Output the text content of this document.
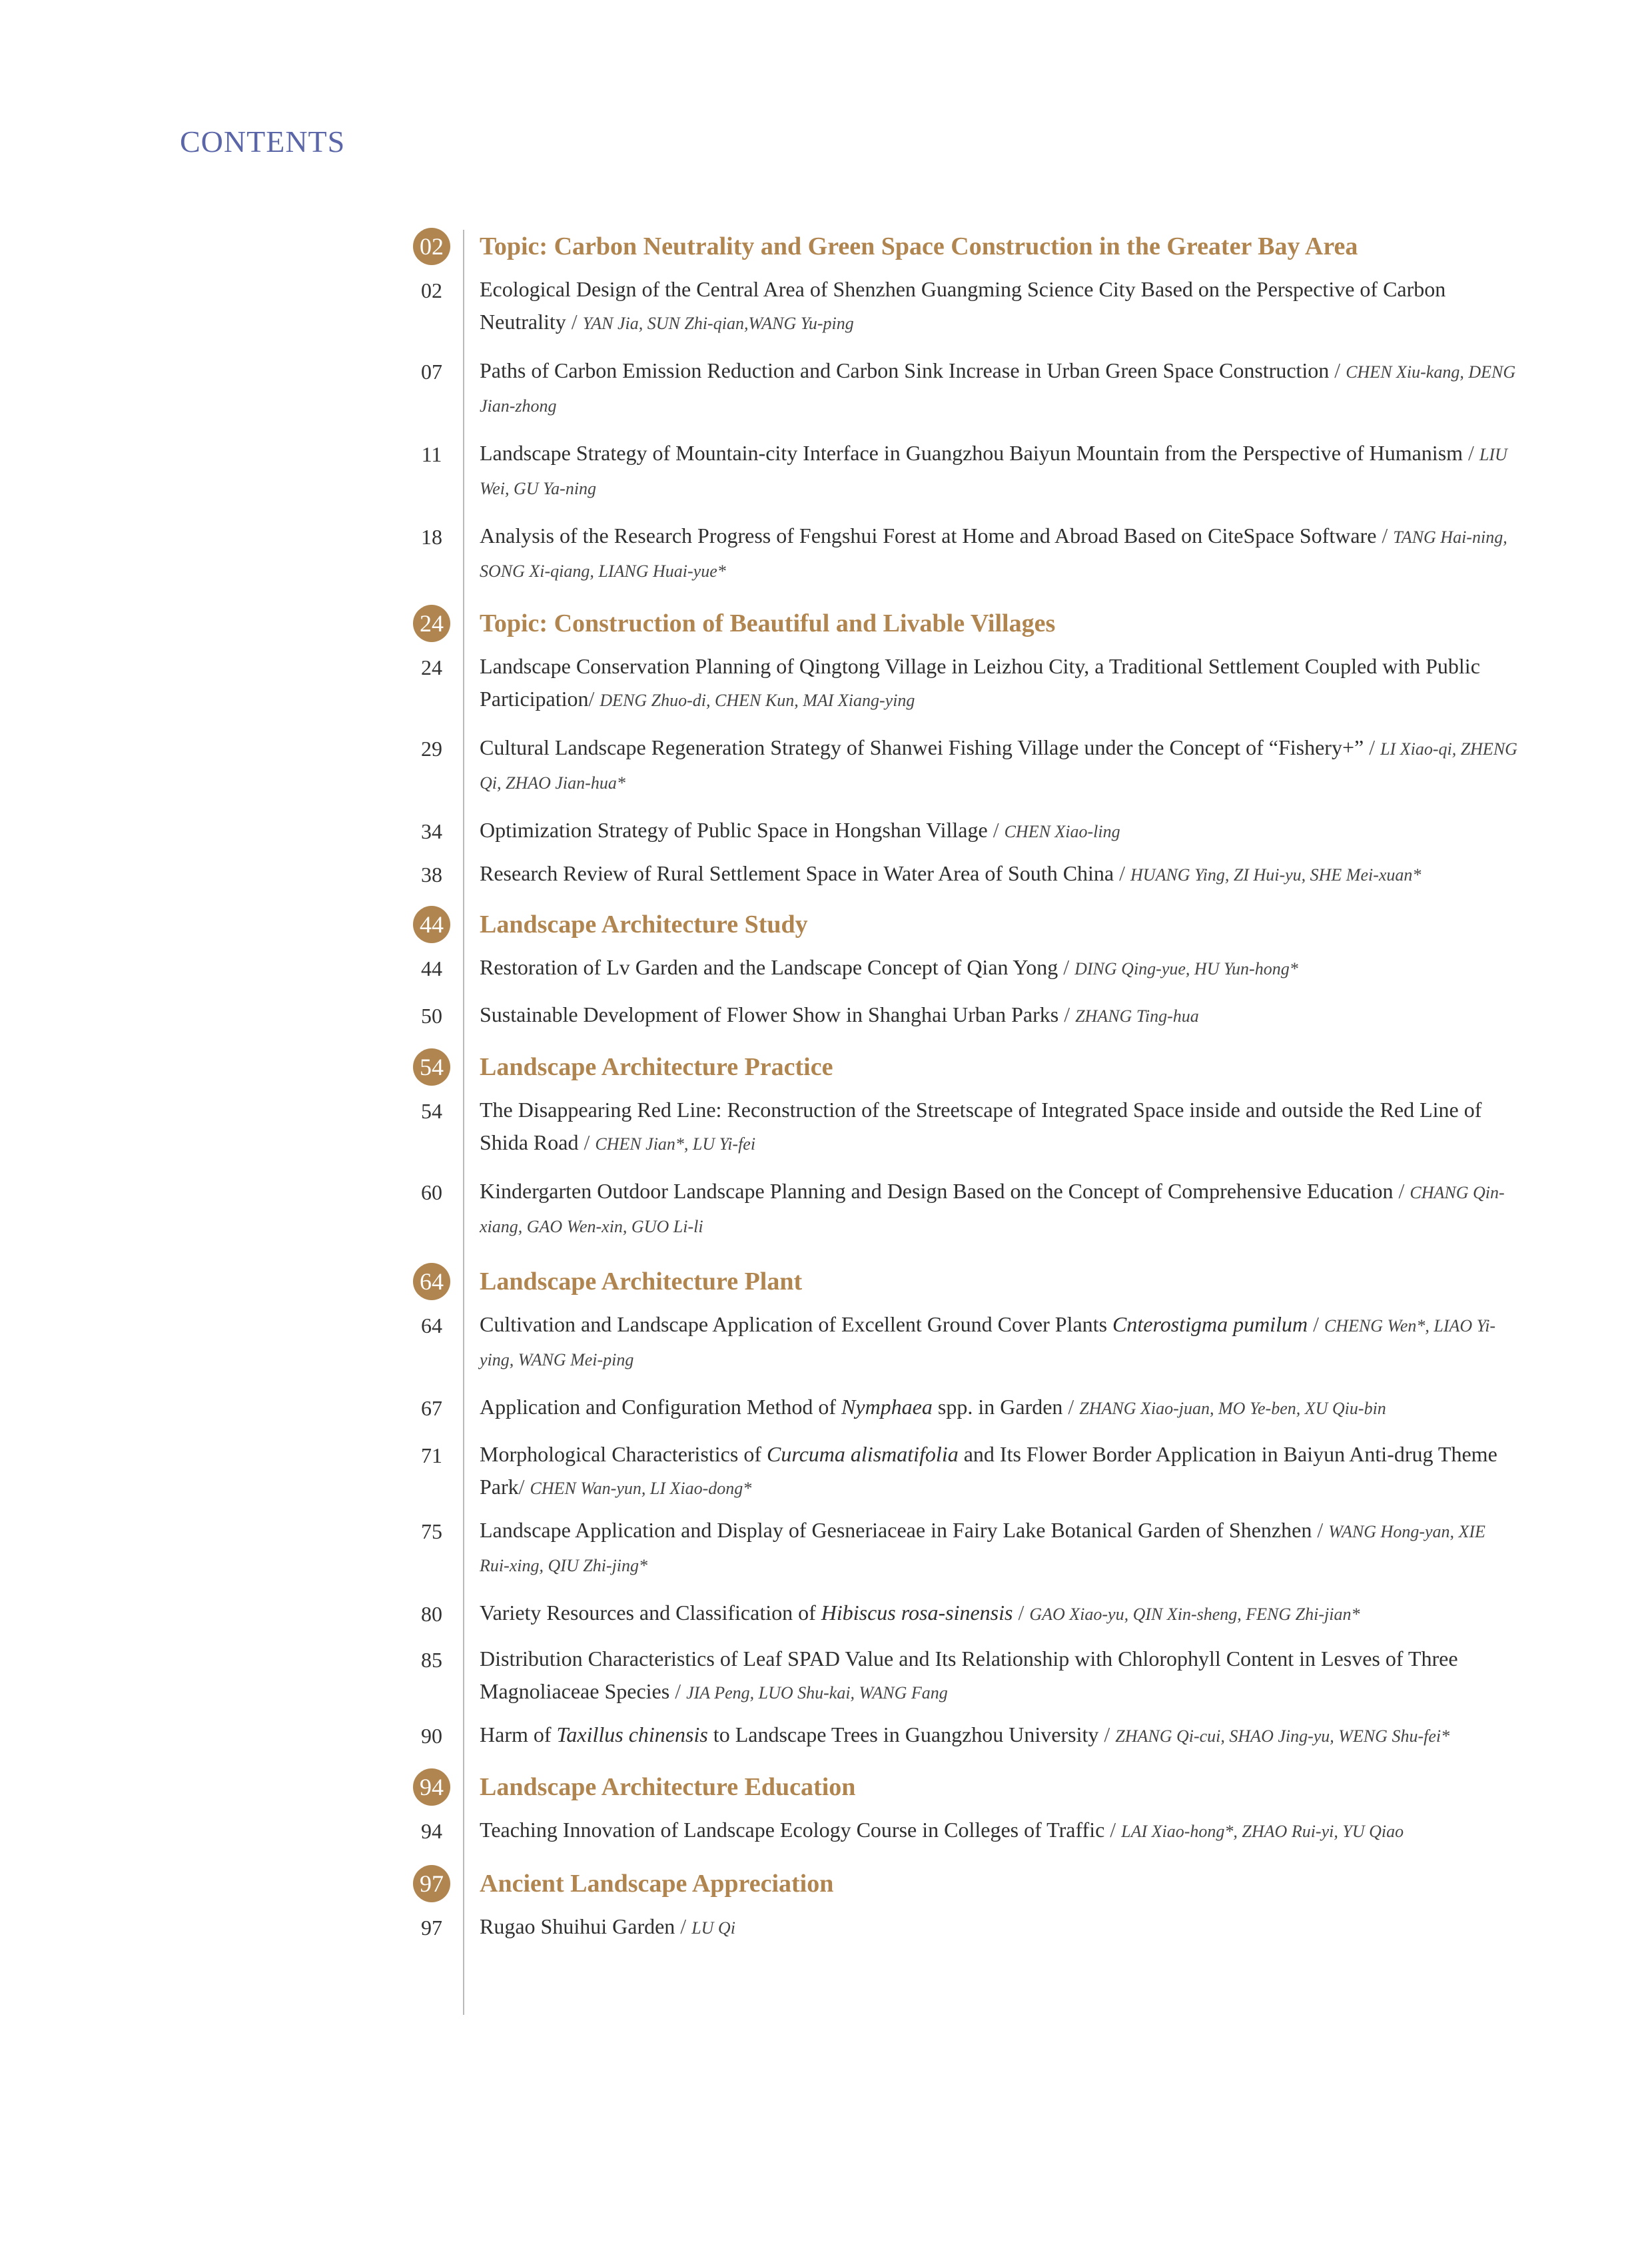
CONTENTS
02 Topic: Carbon Neutrality and Green Space Construction in the Greater Bay Area
02	Ecological Design of the Central Area of Shenzhen Guangming Science City Based on the Perspective of Carbon Neutrality / YAN Jia, SUN Zhi-qian,WANG Yu-ping
07	Paths of Carbon Emission Reduction and Carbon Sink Increase in Urban Green Space Construction / CHEN Xiu-kang, DENG Jian-zhong
11	Landscape Strategy of Mountain-city Interface in Guangzhou Baiyun Mountain from the Perspective of Humanism / LIU Wei, GU Ya-ning
18	Analysis of the Research Progress of Fengshui Forest at Home and Abroad Based on CiteSpace Software / TANG Hai-ning, SONG Xi-qiang, LIANG Huai-yue*
24 Topic: Construction of Beautiful and Livable Villages
24	Landscape Conservation Planning of Qingtong Village in Leizhou City, a Traditional Settlement Coupled with Public Participation/ DENG Zhuo-di, CHEN Kun, MAI Xiang-ying
29	Cultural Landscape Regeneration Strategy of Shanwei Fishing Village under the Concept of “Fishery+” / LI Xiao-qi, ZHENG Qi, ZHAO Jian-hua*
34	Optimization Strategy of Public Space in Hongshan Village / CHEN Xiao-ling
38	Research Review of Rural Settlement Space in Water Area of South China / HUANG Ying, ZI Hui-yu, SHE Mei-xuan*
44 Landscape Architecture Study
44	Restoration of Lv Garden and the Landscape Concept of Qian Yong / DING Qing-yue, HU Yun-hong*
50	Sustainable Development of Flower Show in Shanghai Urban Parks / ZHANG Ting-hua
54 Landscape Architecture Practice
54	The Disappearing Red Line: Reconstruction of the Streetscape of Integrated Space inside and outside the Red Line of Shida Road / CHEN Jian*, LU Yi-fei
60	Kindergarten Outdoor Landscape Planning and Design Based on the Concept of Comprehensive Education / CHANG Qin-xiang, GAO Wen-xin, GUO Li-li
64 Landscape Architecture Plant
64	Cultivation and Landscape Application of Excellent Ground Cover Plants Cnterostigma pumilum / CHENG Wen*, LIAO Yi-ying, WANG Mei-ping
67	Application and Configuration Method of Nymphaea spp. in Garden / ZHANG Xiao-juan, MO Ye-ben, XU Qiu-bin
71	Morphological Characteristics of Curcuma alismatifolia and Its Flower Border Application in Baiyun Anti-drug Theme Park/ CHEN Wan-yun, LI Xiao-dong*
75	Landscape Application and Display of Gesneriaceae in Fairy Lake Botanical Garden of Shenzhen / WANG Hong-yan, XIE Rui-xing, QIU Zhi-jing*
80	Variety Resources and Classification of Hibiscus rosa-sinensis / GAO Xiao-yu, QIN Xin-sheng, FENG Zhi-jian*
85	Distribution Characteristics of Leaf SPAD Value and Its Relationship with Chlorophyll Content in Lesves of Three Magnoliaceae Species / JIA Peng, LUO Shu-kai, WANG Fang
90	Harm of Taxillus chinensis to Landscape Trees in Guangzhou University / ZHANG Qi-cui, SHAO Jing-yu, WENG Shu-fei*
94 Landscape Architecture Education
94	Teaching Innovation of Landscape Ecology Course in Colleges of Traffic / LAI Xiao-hong*, ZHAO Rui-yi, YU Qiao
97 Ancient Landscape Appreciation
97	Rugao Shuihui Garden / LU Qi
